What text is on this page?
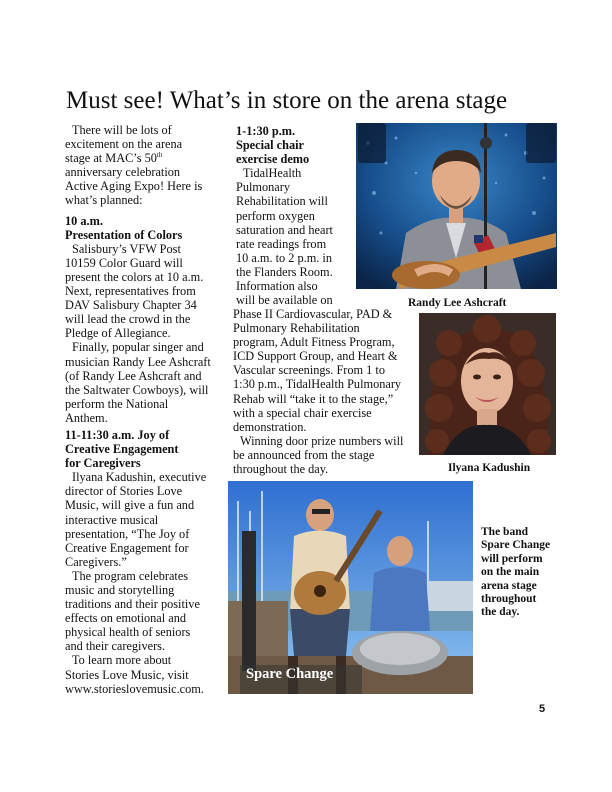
Must see! What’s in store on the arena stage

There will be lots of

excitement on the arena

stage at MAC’s 50th

anniversary celebration

Active Aging Expo! Here is

what’s planned:

10 a.m.

Presentation of Colors

Salisbury’s VFW Post

10159 Color Guard will

present the colors at 10 a.m.

Next, representatives from

DAV Salisbury Chapter 34

will lead the crowd in the

Pledge of Allegiance.

Finally, popular singer and

musician Randy Lee Ashcraft

(of Randy Lee Ashcraft and

the Saltwater Cowboys), will

perform the National

Anthem.

11-11:30 a.m. Joy of

Creative Engagement

for Caregivers

Ilyana Kadushin, executive

director of Stories Love

Music, will give a fun and

interactive musical

presentation, “The Joy of

Creative Engagement for

Caregivers.”

The program celebrates

music and storytelling

traditions and their positive

effects on emotional and

physical health of seniors

and their caregivers.

To learn more about

Stories Love Music, visit

www.storieslovemusic.com.

1-1:30 p.m.

Special chair

exercise demo

TidalHealth

Pulmonary

Rehabilitation will

perform oxygen

saturation and heart

rate readings from

10 a.m. to 2 p.m. in

the Flanders Room.

Information also

will be available on

Phase II Cardiovascular, PAD &

Pulmonary Rehabilitation

program, Adult Fitness Program,

ICD Support Group, and Heart &

Vascular screenings. From 1 to

1:30 p.m., TidalHealth Pulmonary

Rehab will “take it to the stage,”

with a special chair exercise

demonstration.

Winning door prize numbers will

be announced from the stage

throughout the day.

Randy Lee Ashcraft
Ilyana Kadushin
Spare Change
The band
Spare Change
will perform
on the main
arena stage
throughout
the day.
5
